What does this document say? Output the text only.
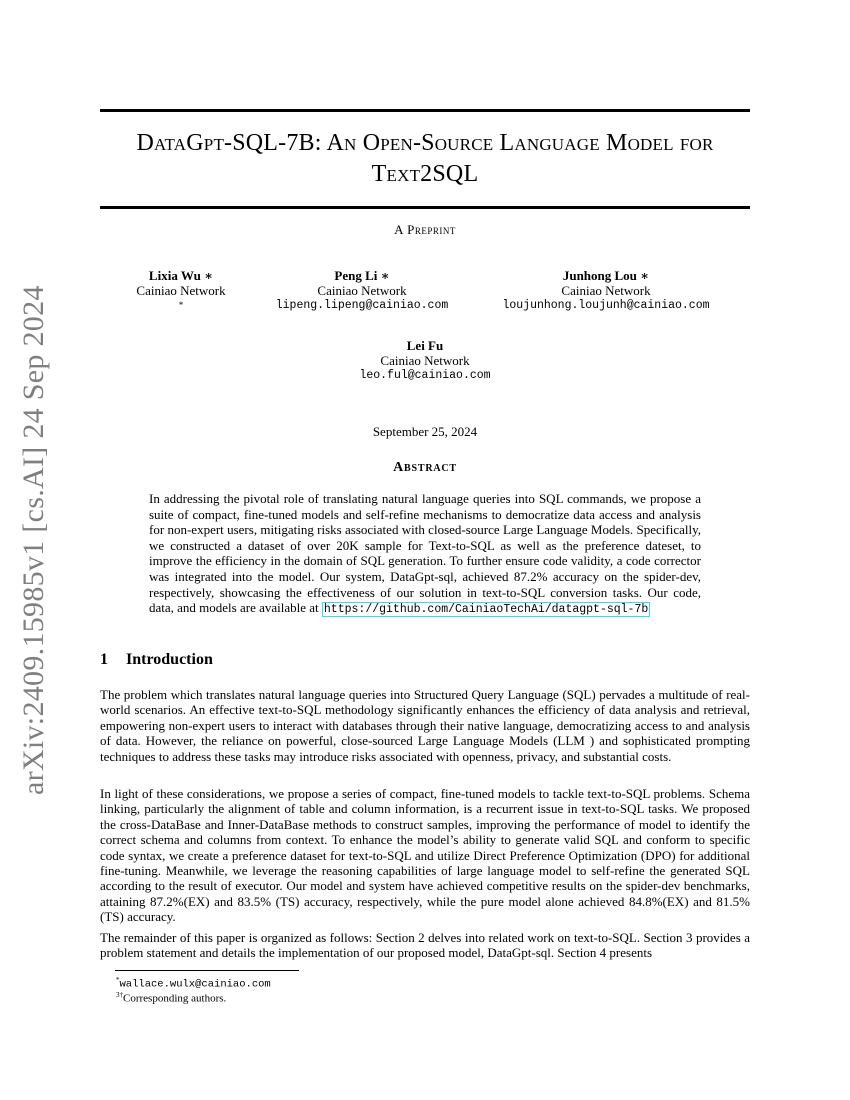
arXiv:2409.15985v1 [cs.AI] 24 Sep 2024
DataGpt-SQL-7B: An Open-Source Language Model for
Text2SQL
A Preprint
Lixia Wu ∗
Cainiao Network
*
Peng Li ∗
Cainiao Network
lipeng.lipeng@cainiao.com
Junhong Lou ∗
Cainiao Network
loujunhong.loujunh@cainiao.com
Lei Fu
Cainiao Network
leo.ful@cainiao.com
September 25, 2024
Abstract

In addressing the pivotal role of translating natural language queries into SQL commands, we propose a suite of compact, fine-tuned models and self-refine mechanisms to democratize data access and analysis for non-expert users, mitigating risks associated with closed-source Large Language Models. Specifically, we constructed a dataset of over 20K sample for Text-to-SQL as well as the preference dateset, to improve the efficiency in the domain of SQL generation. To further ensure code validity, a code corrector was integrated into the model. Our system, DataGpt-sql, achieved 87.2% accuracy on the spider-dev, respectively, showcasing the effectiveness of our solution in text-to-SQL conversion tasks. Our code, data, and models are available at https://github.com/CainiaoTechAi/datagpt-sql-7b

1 Introduction

The problem which translates natural language queries into Structured Query Language (SQL) pervades a multitude of real-world scenarios. An effective text-to-SQL methodology significantly enhances the efficiency of data analysis and retrieval, empowering non-expert users to interact with databases through their native language, democratizing access to and analysis of data. However, the reliance on powerful, close-sourced Large Language Models (LLM ) and sophisticated prompting techniques to address these tasks may introduce risks associated with openness, privacy, and substantial costs.

In light of these considerations, we propose a series of compact, fine-tuned models to tackle text-to-SQL problems. Schema linking, particularly the alignment of table and column information, is a recurrent issue in text-to-SQL tasks. We proposed the cross-DataBase and Inner-DataBase methods to construct samples, improving the performance of model to identify the correct schema and columns from context. To enhance the model’s ability to generate valid SQL and conform to specific code syntax, we create a preference dataset for text-to-SQL and utilize Direct Preference Optimization (DPO) for additional fine-tuning. Meanwhile, we leverage the reasoning capabilities of large language model to self-refine the generated SQL according to the result of executor. Our model and system have achieved competitive results on the spider-dev benchmarks, attaining 87.2%(EX) and 83.5% (TS) accuracy, respectively, while the pure model alone achieved 84.8%(EX) and 81.5%(TS) accuracy.

The remainder of this paper is organized as follows: Section 2 delves into related work on text-to-SQL. Section 3 provides a problem statement and details the implementation of our proposed model, DataGpt-sql. Section 4 presents

*wallace.wulx@cainiao.com
$^{3\dagger}$Corresponding authors.
